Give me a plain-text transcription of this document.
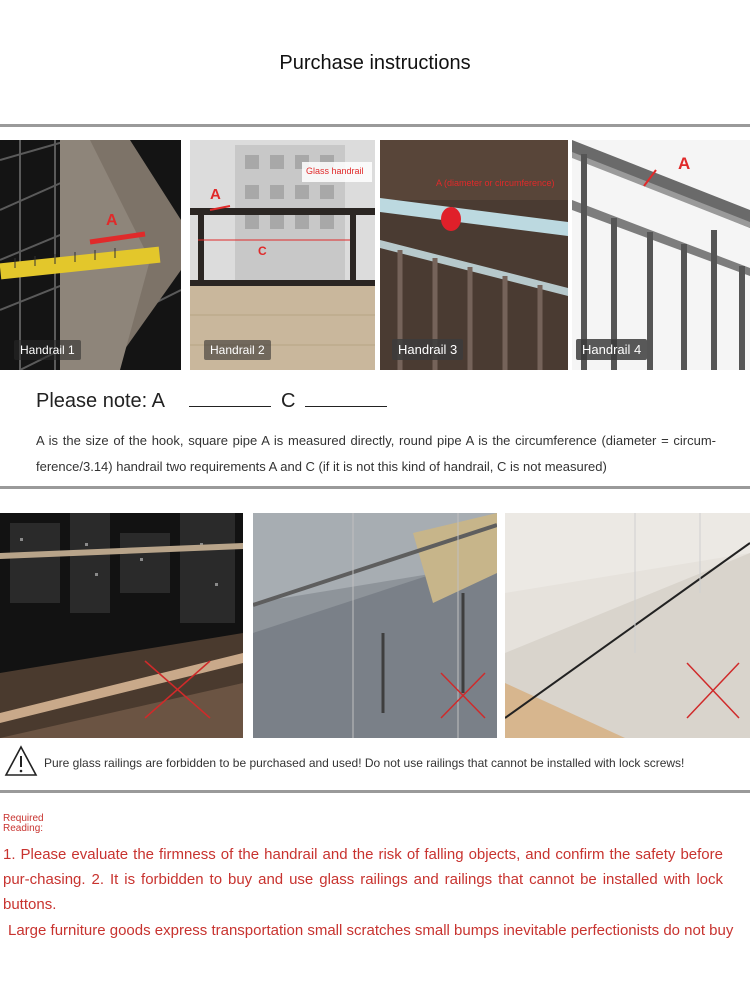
Purchase instructions
A
Handrail 1
A
C
Glass handrail
Handrail 2
A (diameter or circumference)
Handrail 3
A
Handrail 4
Please note: A	C
A is the size of the hook, square pipe A is measured directly, round pipe A is the circumference (diameter = circum-ference/3.14) handrail two requirements A and C (if it is not this kind of handrail, C is not measured)
Pure glass railings are forbidden to be purchased and used! Do not use railings that cannot be installed with lock screws!
Required Reading:
1. Please evaluate the firmness of the handrail and the risk of falling objects, and confirm the safety before pur-chasing. 2. It is forbidden to buy and use glass railings and railings that cannot be installed with lock buttons.
Large furniture goods express transportation small scratches small bumps inevitable perfectionists do not buy
